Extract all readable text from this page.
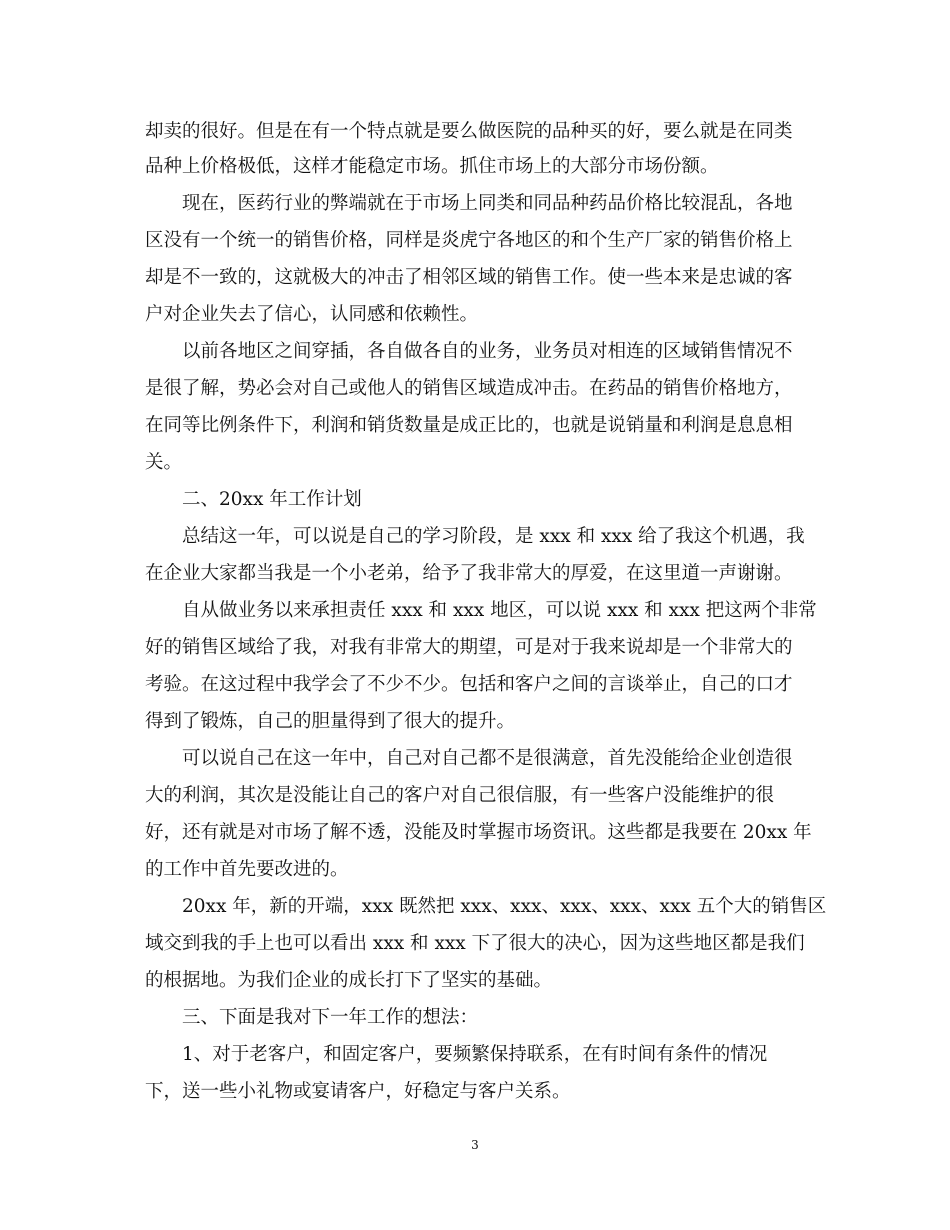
却卖的很好。但是在有一个特点就是要么做医院的品种买的好，要么就是在同类
品种上价格极低，这样才能稳定市场。抓住市场上的大部分市场份额。
现在，医药行业的弊端就在于市场上同类和同品种药品价格比较混乱，各地
区没有一个统一的销售价格，同样是炎虎宁各地区的和个生产厂家的销售价格上
却是不一致的，这就极大的冲击了相邻区域的销售工作。使一些本来是忠诚的客
户对企业失去了信心，认同感和依赖性。
以前各地区之间穿插，各自做各自的业务，业务员对相连的区域销售情况不
是很了解，势必会对自己或他人的销售区域造成冲击。在药品的销售价格地方，
在同等比例条件下，利润和销货数量是成正比的，也就是说销量和利润是息息相
关。
二、20xx 年工作计划
总结这一年，可以说是自己的学习阶段，是 xxx 和 xxx 给了我这个机遇，我
在企业大家都当我是一个小老弟，给予了我非常大的厚爱，在这里道一声谢谢。
自从做业务以来承担责任 xxx 和 xxx 地区，可以说 xxx 和 xxx 把这两个非常
好的销售区域给了我，对我有非常大的期望，可是对于我来说却是一个非常大的
考验。在这过程中我学会了不少不少。包括和客户之间的言谈举止，自己的口才
得到了锻炼，自己的胆量得到了很大的提升。
可以说自己在这一年中，自己对自己都不是很满意，首先没能给企业创造很
大的利润，其次是没能让自己的客户对自己很信服，有一些客户没能维护的很
好，还有就是对市场了解不透，没能及时掌握市场资讯。这些都是我要在 20xx 年
的工作中首先要改进的。
20xx 年，新的开端，xxx 既然把 xxx、xxx、xxx、xxx、xxx 五个大的销售区
域交到我的手上也可以看出 xxx 和 xxx 下了很大的决心，因为这些地区都是我们
的根据地。为我们企业的成长打下了坚实的基础。
三、下面是我对下一年工作的想法：
1、对于老客户，和固定客户，要频繁保持联系，在有时间有条件的情况
下，送一些小礼物或宴请客户，好稳定与客户关系。
3
